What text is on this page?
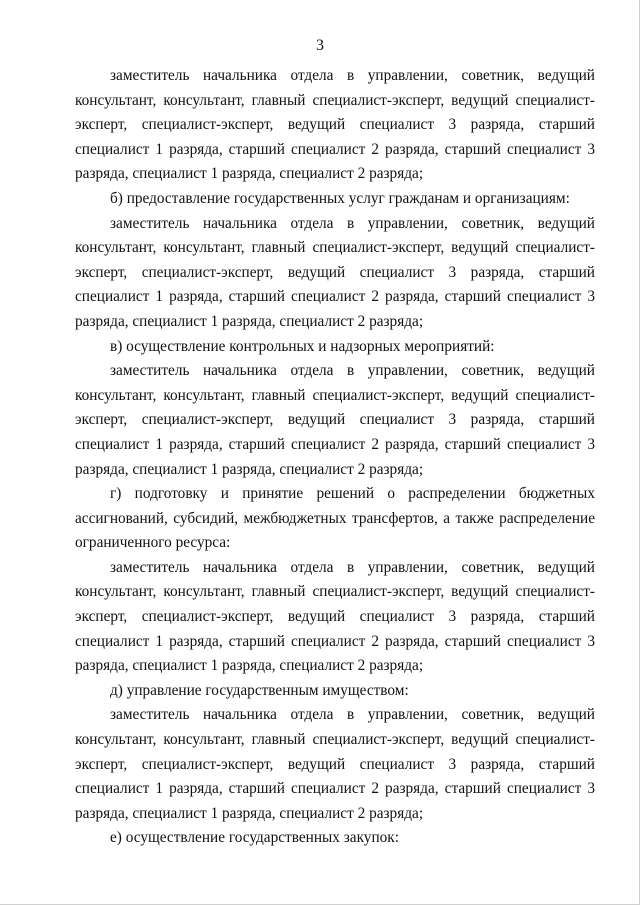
3

заместитель начальника отдела в управлении, советник, ведущий консультант, консультант, главный специалист-эксперт, ведущий специалист-эксперт, специалист-эксперт, ведущий специалист 3 разряда, старший специалист 1 разряда, старший специалист 2 разряда, старший специалист 3 разряда, специалист 1 разряда, специалист 2 разряда;

б) предоставление государственных услуг гражданам и организациям:

заместитель начальника отдела в управлении, советник, ведущий консультант, консультант, главный специалист-эксперт, ведущий специалист-эксперт, специалист-эксперт, ведущий специалист 3 разряда, старший специалист 1 разряда, старший специалист 2 разряда, старший специалист 3 разряда, специалист 1 разряда, специалист 2 разряда;

в) осуществление контрольных и надзорных мероприятий:

заместитель начальника отдела в управлении, советник, ведущий консультант, консультант, главный специалист-эксперт, ведущий специалист-эксперт, специалист-эксперт, ведущий специалист 3 разряда, старший специалист 1 разряда, старший специалист 2 разряда, старший специалист 3 разряда, специалист 1 разряда, специалист 2 разряда;

г) подготовку и принятие решений о распределении бюджетных ассигнований, субсидий, межбюджетных трансфертов, а также распределение ограниченного ресурса:

заместитель начальника отдела в управлении, советник, ведущий консультант, консультант, главный специалист-эксперт, ведущий специалист-эксперт, специалист-эксперт, ведущий специалист 3 разряда, старший специалист 1 разряда, старший специалист 2 разряда, старший специалист 3 разряда, специалист 1 разряда, специалист 2 разряда;

д) управление государственным имуществом:

заместитель начальника отдела в управлении, советник, ведущий консультант, консультант, главный специалист-эксперт, ведущий специалист-эксперт, специалист-эксперт, ведущий специалист 3 разряда, старший специалист 1 разряда, старший специалист 2 разряда, старший специалист 3 разряда, специалист 1 разряда, специалист 2 разряда;

е) осуществление государственных закупок:
